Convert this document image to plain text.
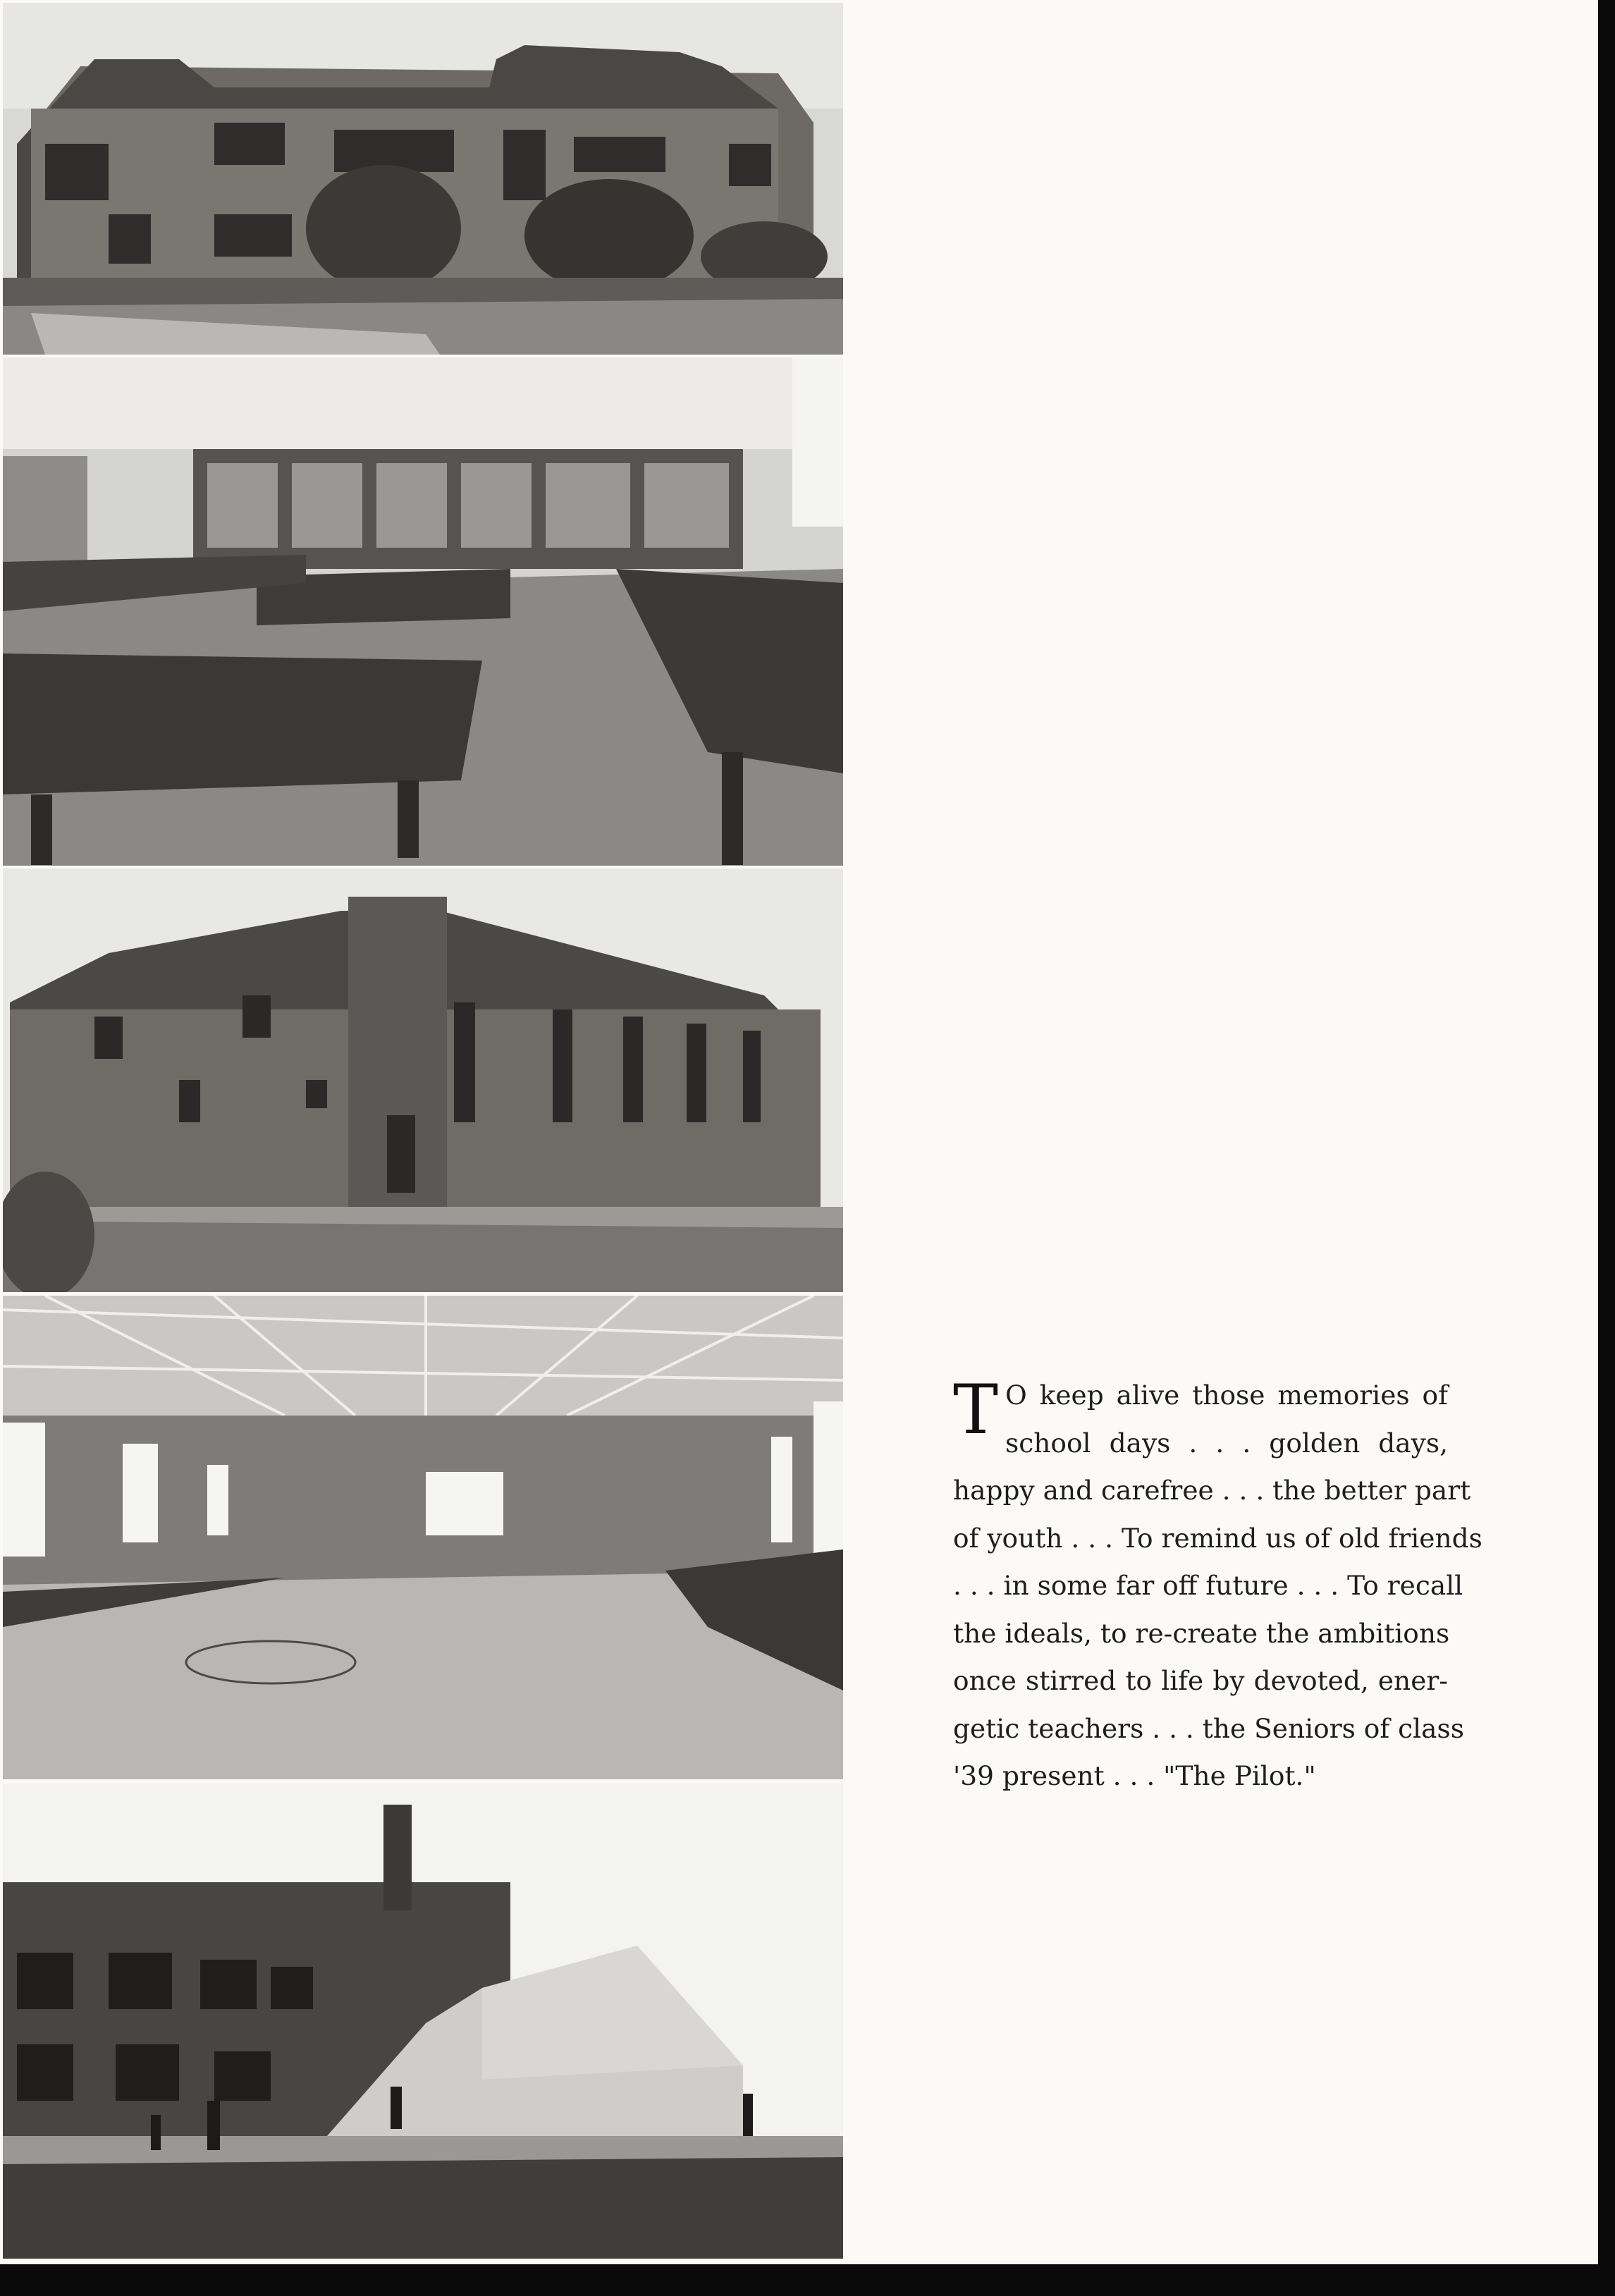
T O keep alive those memories of
school days . . . golden days,
happy and carefree . . . the better part
of youth . . . To remind us of old friends
. . . in some far off future . . . To recall
the ideals, to re-create the ambitions
once stirred to life by devoted, ener-
getic teachers . . . the Seniors of class
'39 present . . . "The Pilot."
